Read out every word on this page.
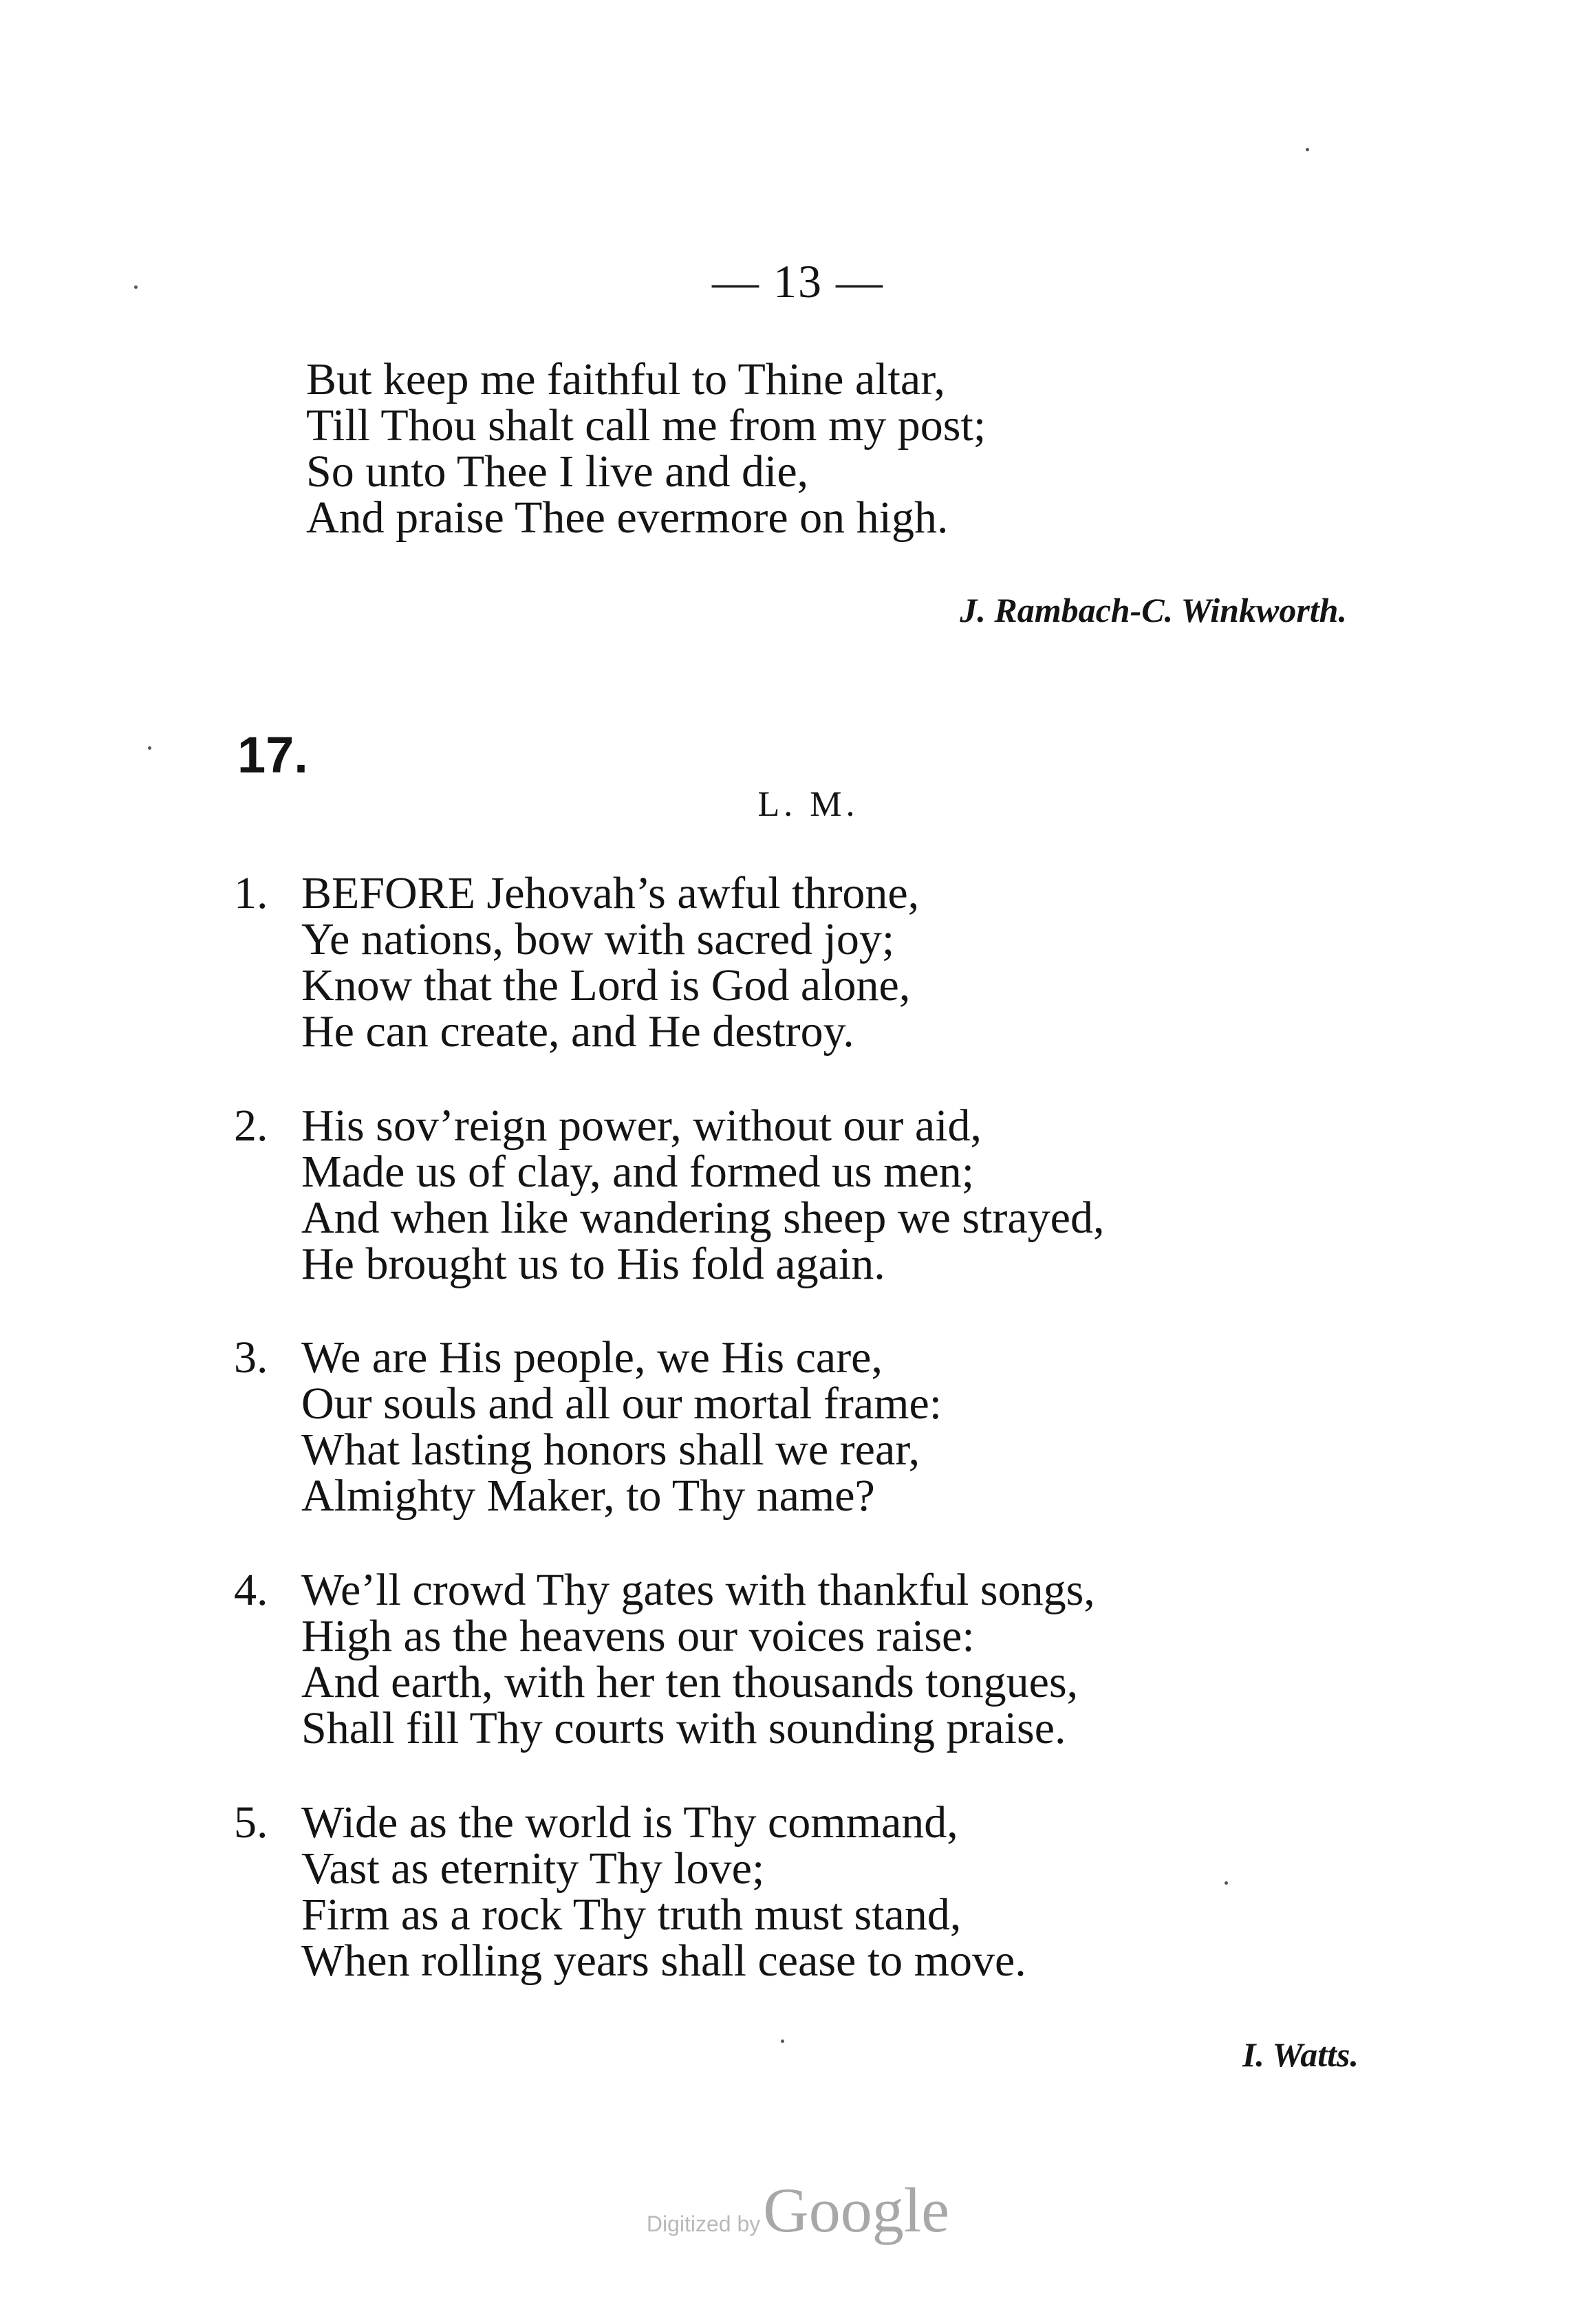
— 13 —
But keep me faithful to Thine altar,
Till Thou shalt call me from my post;
So unto Thee I live and die,
And praise Thee evermore on high.
J. Rambach-C. Winkworth.
17.
L. M.
1. BEFORE Jehovah’s awful throne,
Ye nations, bow with sacred joy;
Know that the Lord is God alone,
He can create, and He destroy.
2. His sov’reign power, without our aid,
Made us of clay, and formed us men;
And when like wandering sheep we strayed,
He brought us to His fold again.
3. We are His people, we His care,
Our souls and all our mortal frame:
What lasting honors shall we rear,
Almighty Maker, to Thy name?
4. We’ll crowd Thy gates with thankful songs,
High as the heavens our voices raise:
And earth, with her ten thousands tongues,
Shall fill Thy courts with sounding praise.
5. Wide as the world is Thy command,
Vast as eternity Thy love;
Firm as a rock Thy truth must stand,
When rolling years shall cease to move.
I. Watts.
Digitized by Google
